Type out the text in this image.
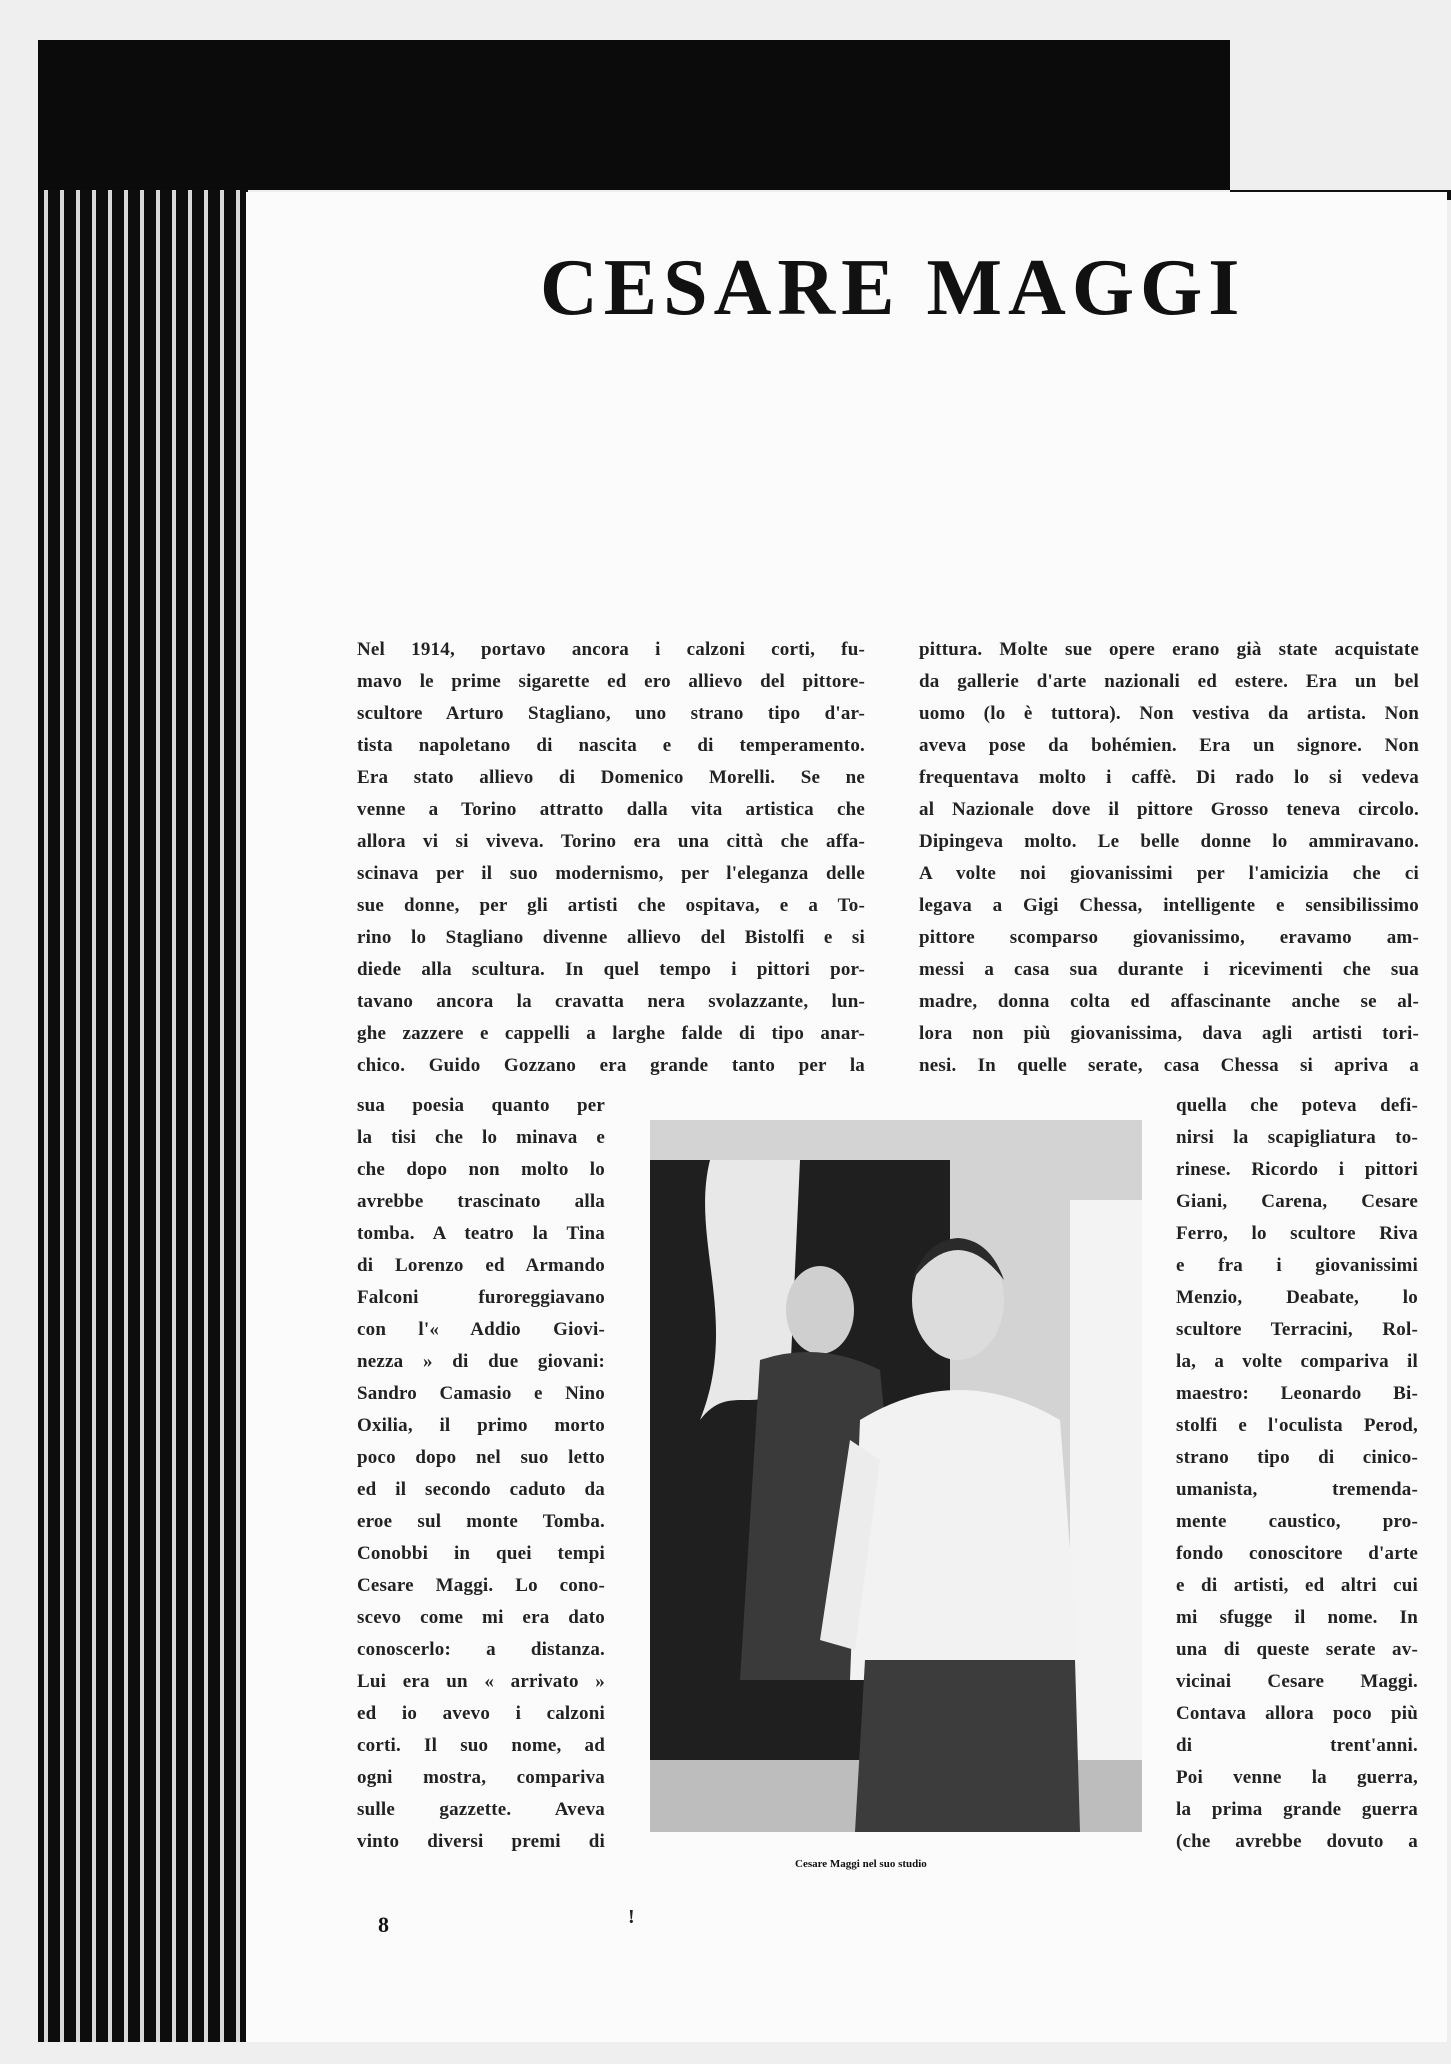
CESARE MAGGI
Nel 1914, portavo ancora i calzoni corti, fu-
mavo le prime sigarette ed ero allievo del pittore-
scultore Arturo Stagliano, uno strano tipo d'ar-
tista napoletano di nascita e di temperamento.
Era stato allievo di Domenico Morelli. Se ne
venne a Torino attratto dalla vita artistica che
allora vi si viveva. Torino era una città che affa-
scinava per il suo modernismo, per l'eleganza delle
sue donne, per gli artisti che ospitava, e a To-
rino lo Stagliano divenne allievo del Bistolfi e si
diede alla scultura. In quel tempo i pittori por-
tavano ancora la cravatta nera svolazzante, lun-
ghe zazzere e cappelli a larghe falde di tipo anar-
chico. Guido Gozzano era grande tanto per la
sua poesia quanto per
la tisi che lo minava e
che dopo non molto lo
avrebbe trascinato alla
tomba. A teatro la Tina
di Lorenzo ed Armando
Falconi furoreggiavano
con l'« Addio Giovi-
nezza » di due giovani:
Sandro Camasio e Nino
Oxilia, il primo morto
poco dopo nel suo letto
ed il secondo caduto da
eroe sul monte Tomba.
Conobbi in quei tempi
Cesare Maggi. Lo cono-
scevo come mi era dato
conoscerlo: a distanza.
Lui era un « arrivato »
ed io avevo i calzoni
corti. Il suo nome, ad
ogni mostra, compariva
sulle gazzette. Aveva
vinto diversi premi di
pittura. Molte sue opere erano già state acquistate
da gallerie d'arte nazionali ed estere. Era un bel
uomo (lo è tuttora). Non vestiva da artista. Non
aveva pose da bohémien. Era un signore. Non
frequentava molto i caffè. Di rado lo si vedeva
al Nazionale dove il pittore Grosso teneva circolo.
Dipingeva molto. Le belle donne lo ammiravano.
A volte noi giovanissimi per l'amicizia che ci
legava a Gigi Chessa, intelligente e sensibilissimo
pittore scomparso giovanissimo, eravamo am-
messi a casa sua durante i ricevimenti che sua
madre, donna colta ed affascinante anche se al-
lora non più giovanissima, dava agli artisti tori-
nesi. In quelle serate, casa Chessa si apriva a
quella che poteva defi-
nirsi la scapigliatura to-
rinese. Ricordo i pittori
Giani, Carena, Cesare
Ferro, lo scultore Riva
e fra i giovanissimi
Menzio, Deabate, lo
scultore Terracini, Rol-
la, a volte compariva il
maestro: Leonardo Bi-
stolfi e l'oculista Perod,
strano tipo di cinico-
umanista, tremenda-
mente caustico, pro-
fondo conoscitore d'arte
e di artisti, ed altri cui
mi sfugge il nome. In
una di queste serate av-
vicinai Cesare Maggi.
Contava allora poco più
di trent'anni.
Poi venne la guerra,
la prima grande guerra
(che avrebbe dovuto a
Cesare Maggi nel suo studio
8	!
